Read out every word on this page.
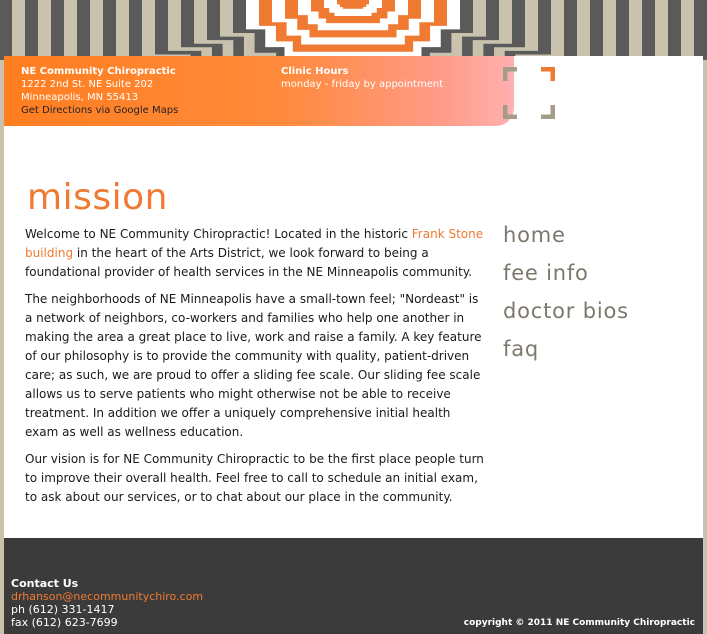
NE Community Chiropractic
1222 2nd St. NE Suite 202
Minneapolis, MN 55413
Get Directions via Google Maps
Clinic Hours
monday - friday by appointment
mission

Welcome to NE Community Chiropractic! Located in the historic Frank Stone building in the heart of the Arts District, we look forward to being a foundational provider of health services in the NE Minneapolis community.

The neighborhoods of NE Minneapolis have a small-town feel; "Nordeast" is a network of neighbors, co-workers and families who help one another in making the area a great place to live, work and raise a family. A key feature of our philosophy is to provide the community with quality, patient-driven care; as such, we are proud to offer a sliding fee scale. Our sliding fee scale allows us to serve patients who might otherwise not be able to receive treatment. In addition we offer a uniquely comprehensive initial health exam as well as wellness education.

Our vision is for NE Community Chiropractic to be the first place people turn to improve their overall health. Feel free to call to schedule an initial exam, to ask about our services, or to chat about our place in the community.

home
fee info
doctor bios
faq
Contact Us
drhanson@necommunitychiro.com
ph (612) 331-1417
fax (612) 623-7699	copyright © 2011 NE Community Chiropractic
